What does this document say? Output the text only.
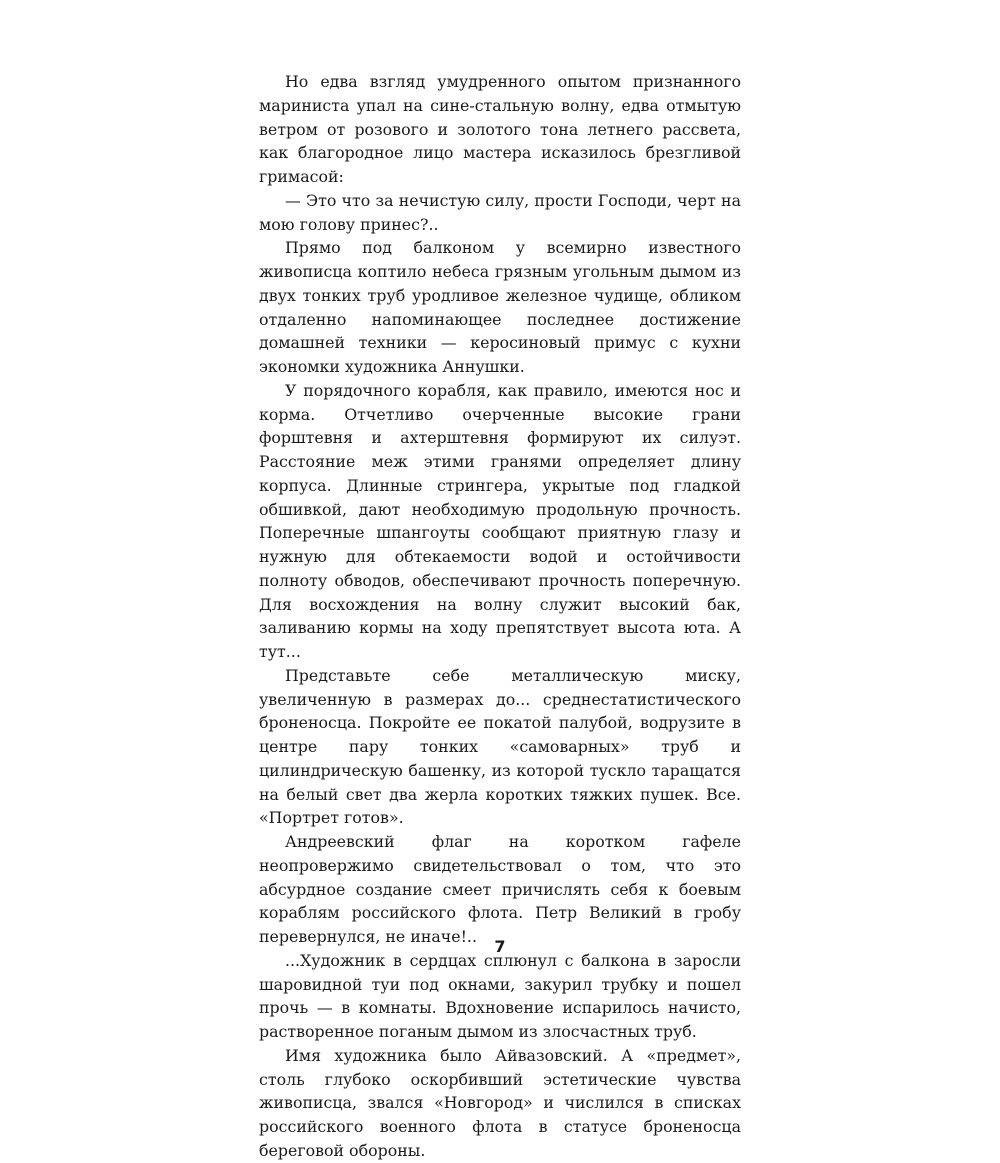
Но едва взгляд умудренного опытом признанного мариниста упал на сине-стальную волну, едва отмытую ветром от розового и золотого тона летнего рассвета, как благородное лицо мастера исказилось брезгливой гримасой:

— Это что за нечистую силу, прости Господи, черт на мою голову принес?..

Прямо под балконом у всемирно известного живописца коптило небеса грязным угольным дымом из двух тонких труб уродливое железное чудище, обликом отдаленно напоминающее последнее достижение домашней техники — керосиновый примус с кухни экономки художника Аннушки.

У порядочного корабля, как правило, имеются нос и корма. Отчетливо очерченные высокие грани форштевня и ахтерштевня формируют их силуэт. Расстояние меж этими гранями определяет длину корпуса. Длинные стрингера, укрытые под гладкой обшивкой, дают необходимую продольную прочность. Поперечные шпангоуты сообщают приятную глазу и нужную для обтекаемости водой и остойчивости полноту обводов, обеспечивают прочность поперечную. Для восхождения на волну служит высокий бак, заливанию кормы на ходу препятствует высота юта. А тут...

Представьте себе металлическую миску, увеличенную в размерах до... среднестатистического броненосца. Покройте ее покатой палубой, водрузите в центре пару тонких «самоварных» труб и цилиндрическую башенку, из которой тускло таращатся на белый свет два жерла коротких тяжких пушек. Все. «Портрет готов».

Андреевский флаг на коротком гафеле неопровержимо свидетельствовал о том, что это абсурдное создание смеет причислять себя к боевым кораблям российского флота. Петр Великий в гробу перевернулся, не иначе!..

...Художник в сердцах сплюнул с балкона в заросли шаровидной туи под окнами, закурил трубку и пошел прочь — в комнаты. Вдохновение испарилось начисто, растворенное поганым дымом из злосчастных труб.

Имя художника было Айвазовский. А «предмет», столь глубоко оскорбивший эстетические чувства живописца, звался «Новгород» и числился в списках российского военного флота в статусе броненосца береговой обороны.

7
